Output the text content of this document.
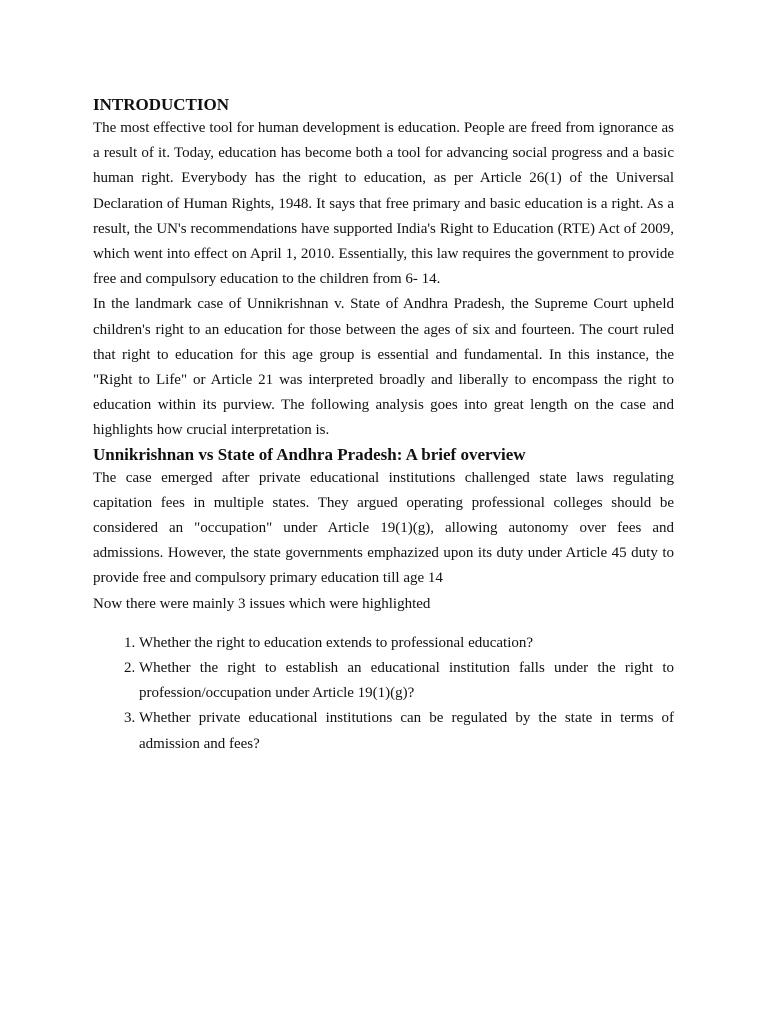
INTRODUCTION

The most effective tool for human development is education. People are freed from ignorance as a result of it. Today, education has become both a tool for advancing social progress and a basic human right. Everybody has the right to education, as per Article 26(1) of the Universal Declaration of Human Rights, 1948. It says that free primary and basic education is a right. As a result, the UN's recommendations have supported India's Right to Education (RTE) Act of 2009, which went into effect on April 1, 2010. Essentially, this law requires the government to provide free and compulsory education to the children from 6- 14.

In the landmark case of Unnikrishnan v. State of Andhra Pradesh, the Supreme Court upheld children's right to an education for those between the ages of six and fourteen. The court ruled that right to education for this age group is essential and fundamental. In this instance, the "Right to Life" or Article 21 was interpreted broadly and liberally to encompass the right to education within its purview. The following analysis goes into great length on the case and highlights how crucial interpretation is.

Unnikrishnan vs State of Andhra Pradesh: A brief overview

The case emerged after private educational institutions challenged state laws regulating capitation fees in multiple states. They argued operating professional colleges should be considered an "occupation" under Article 19(1)(g), allowing autonomy over fees and admissions. However, the state governments emphazized upon its duty under Article 45 duty to provide free and compulsory primary education till age 14

Now there were mainly 3 issues which were highlighted

1. Whether the right to education extends to professional education?
2. Whether the right to establish an educational institution falls under the right to profession/occupation under Article 19(1)(g)?
3. Whether private educational institutions can be regulated by the state in terms of admission and fees?
